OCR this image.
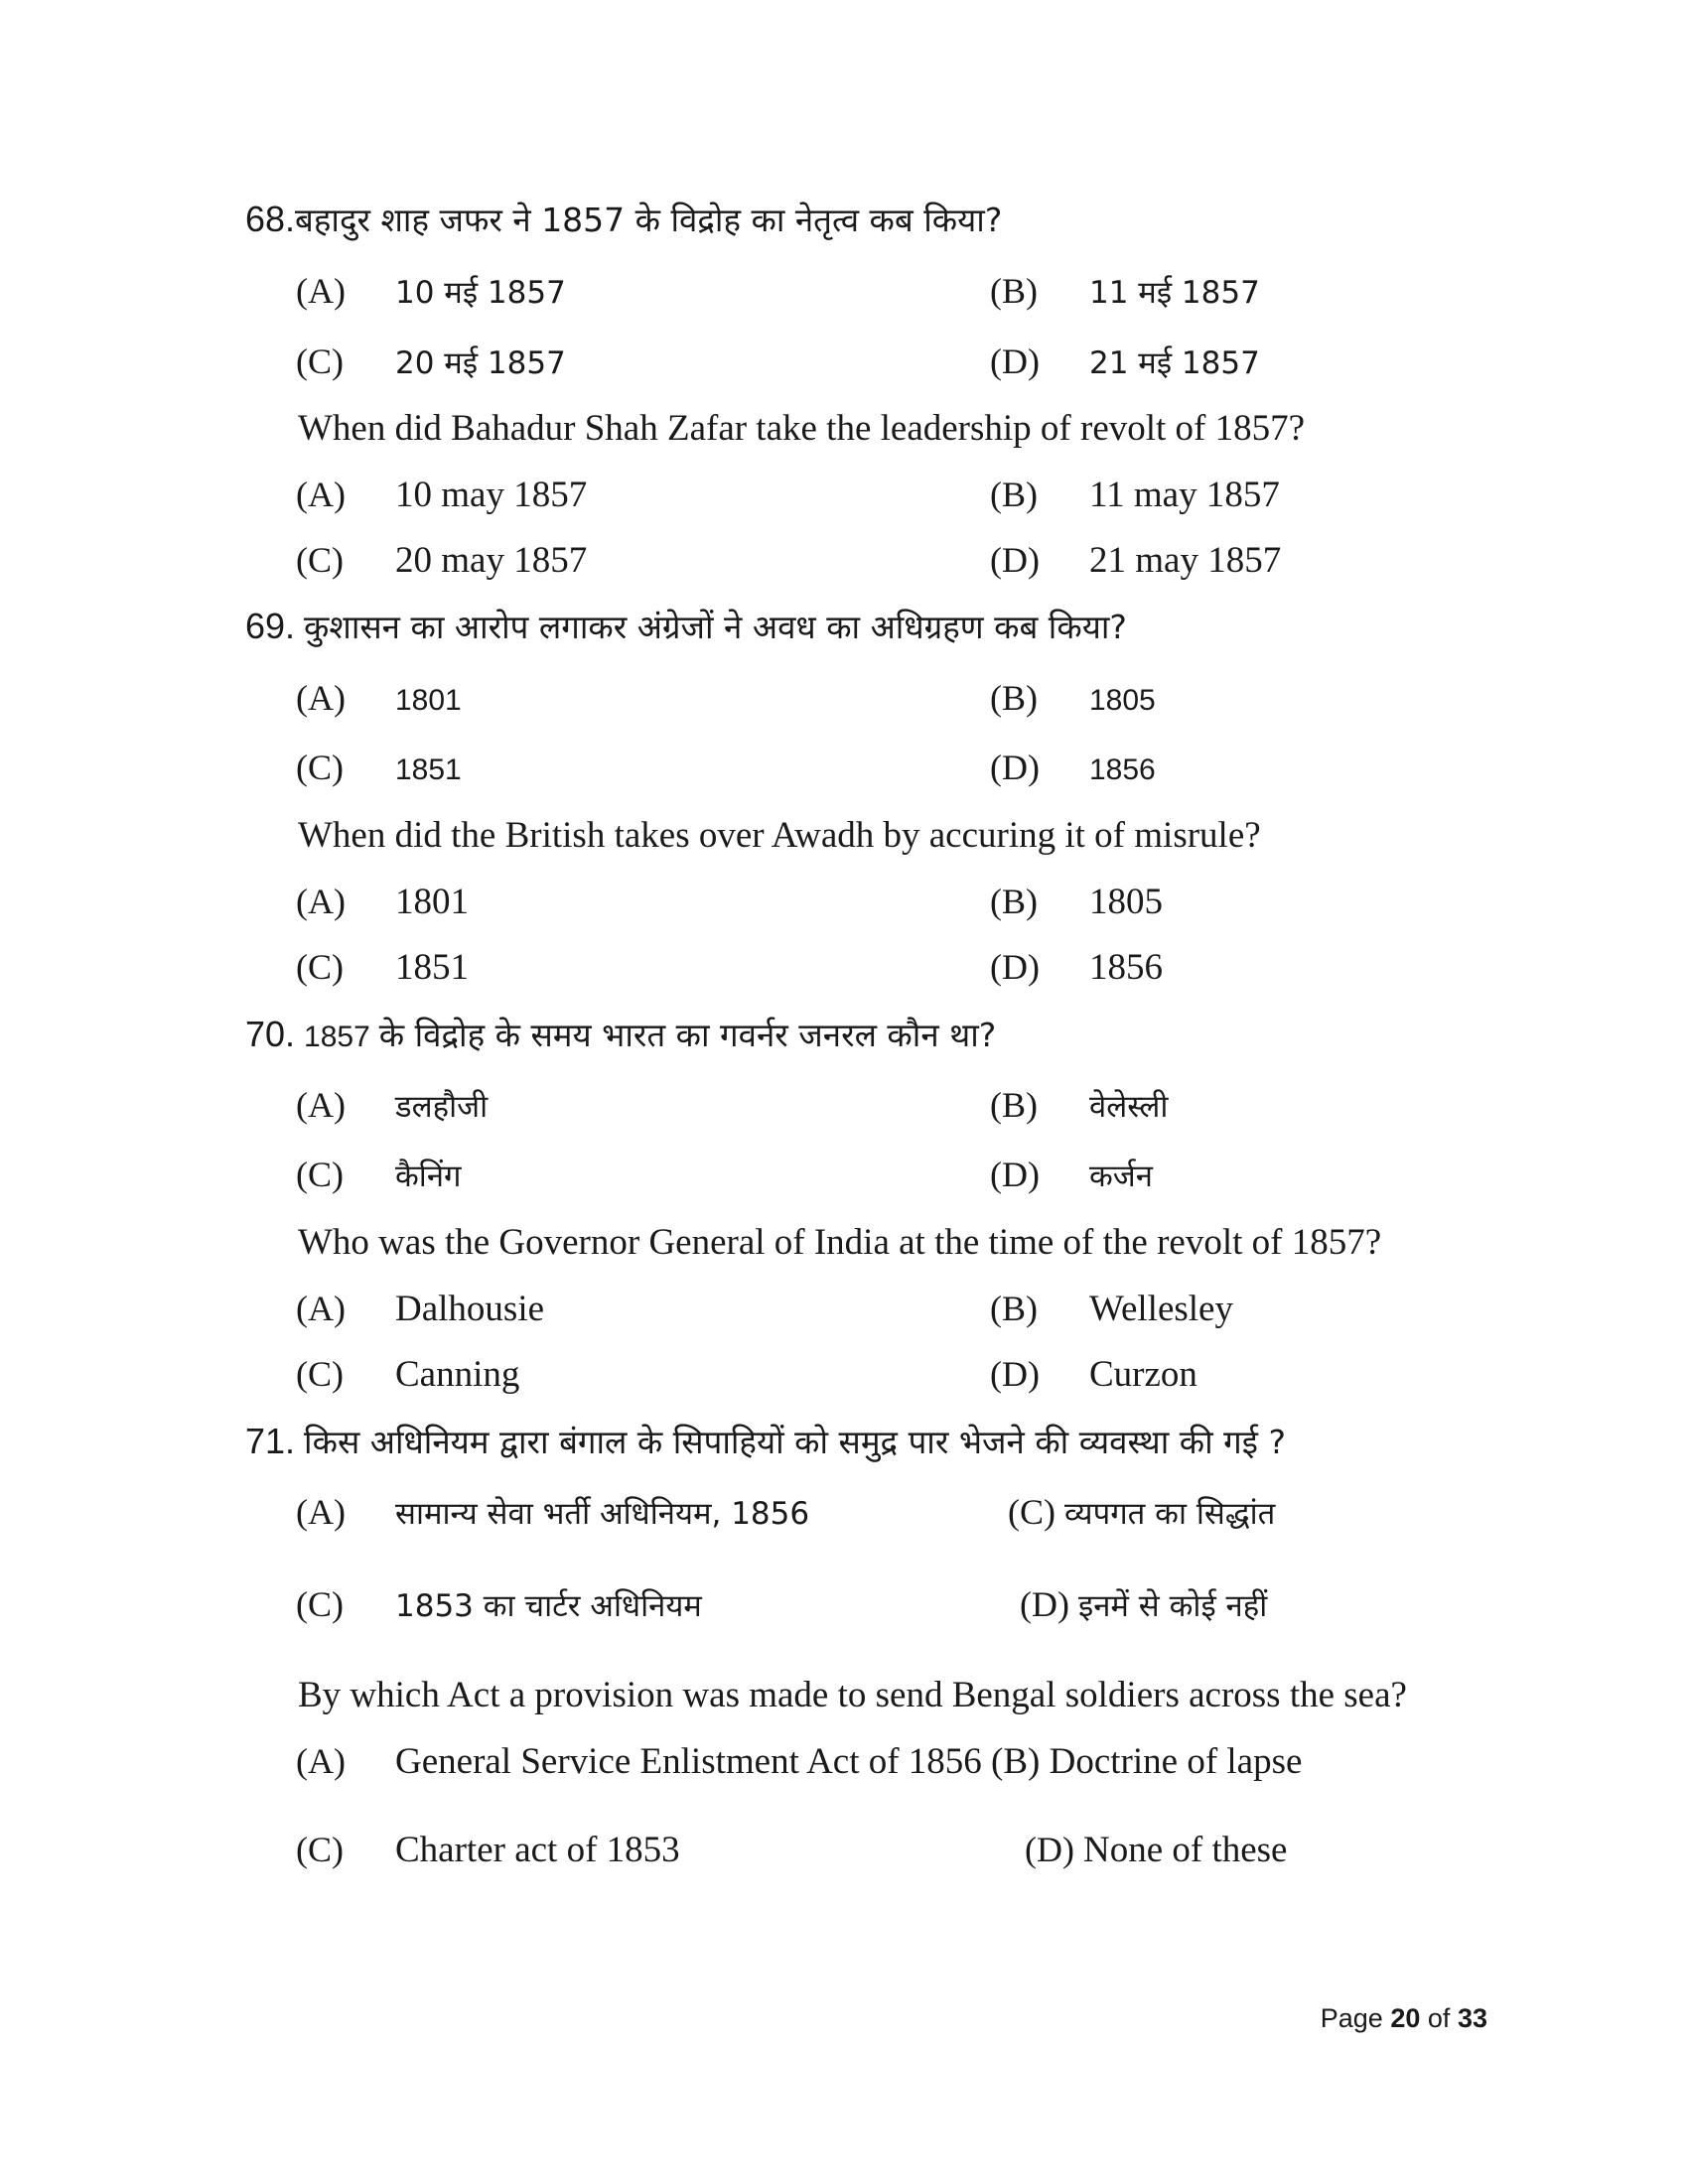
68.बहादुर शाह जफर ने 1857 के विद्रोह का नेतृत्व कब किया?
(A) 10 मई 1857	(B) 11 मई 1857
(C) 20 मई 1857	(D) 21 मई 1857
When did Bahadur Shah Zafar take the leadership of revolt of 1857?
(A) 10 may 1857	(B) 11 may 1857
(C) 20 may 1857	(D) 21 may 1857
69. कुशासन का आरोप लगाकर अंग्रेजों ने अवध का अधिग्रहण कब किया?
(A) 1801	(B) 1805
(C) 1851	(D) 1856
When did the British takes over Awadh by accuring it of misrule?
(A) 1801	(B) 1805
(C) 1851	(D) 1856
70. 1857 के विद्रोह के समय भारत का गवर्नर जनरल कौन था?
(A) डलहौजी	(B) वेलेस्ली
(C) कैनिंग	(D) कर्जन
Who was the Governor General of India at the time of the revolt of 1857?
(A) Dalhousie	(B) Wellesley
(C) Canning	(D) Curzon
71. किस अधिनियम द्वारा बंगाल के सिपाहियों को समुद्र पार भेजने की व्यवस्था की गई ?
(A) सामान्य सेवा भर्ती अधिनियम, 1856	(C) व्यपगत का सिद्धांत
(C) 1853 का चार्टर अधिनियम	(D) इनमें से कोई नहीं
By which Act a provision was made to send Bengal soldiers across the sea?
(A) General Service Enlistment Act of 1856 (B) Doctrine of lapse
(C) Charter act of 1853	(D) None of these
Page 20 of 33
